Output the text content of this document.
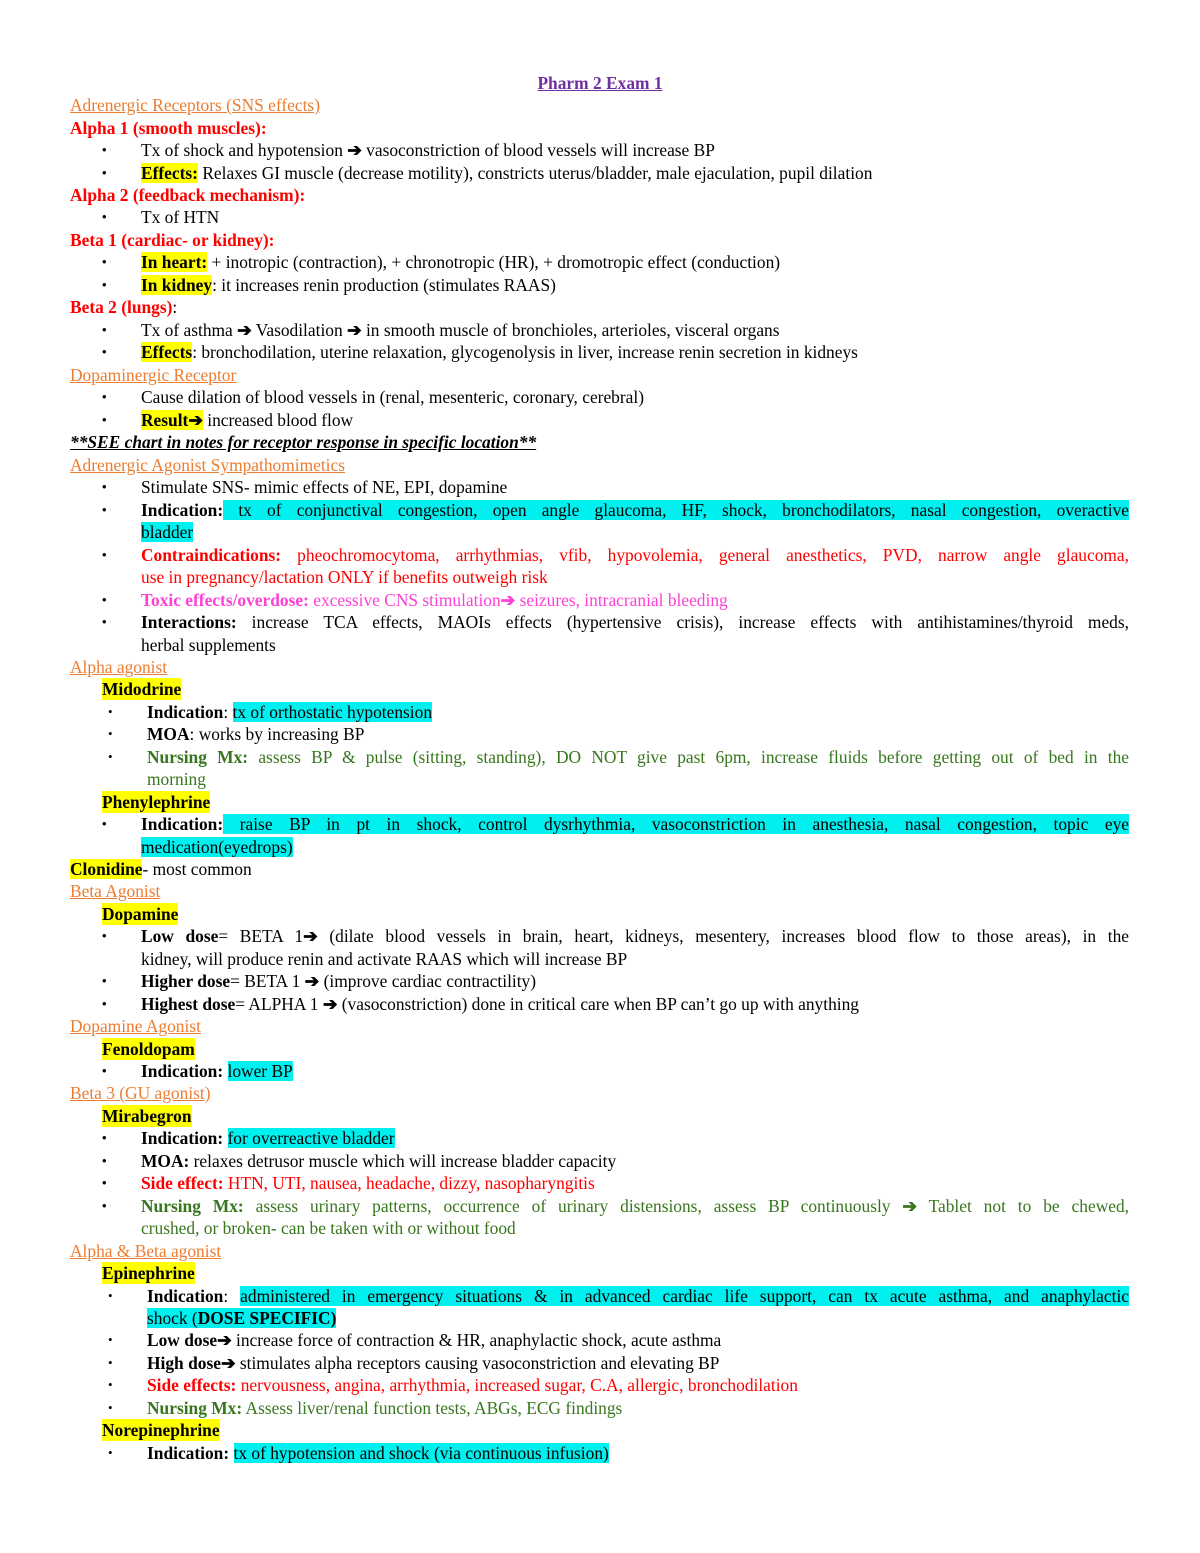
Pharm 2 Exam 1
Adrenergic Receptors (SNS effects)
Alpha 1 (smooth muscles):
•	Tx of shock and hypotension ➔ vasoconstriction of blood vessels will increase BP
•	Effects: Relaxes GI muscle (decrease motility), constricts uterus/bladder, male ejaculation, pupil dilation
Alpha 2 (feedback mechanism):
•	Tx of HTN
Beta 1 (cardiac- or kidney):
•	In heart: + inotropic (contraction), + chronotropic (HR), + dromotropic effect (conduction)
•	In kidney: it increases renin production (stimulates RAAS)
Beta 2 (lungs):
•	Tx of asthma ➔ Vasodilation ➔ in smooth muscle of bronchioles, arterioles, visceral organs
•	Effects: bronchodilation, uterine relaxation, glycogenolysis in liver, increase renin secretion in kidneys
Dopaminergic Receptor
•	Cause dilation of blood vessels in (renal, mesenteric, coronary, cerebral)
•	Result➔ increased blood flow
**SEE chart in notes for receptor response in specific location**
Adrenergic Agonist Sympathomimetics
•	Stimulate SNS- mimic effects of NE, EPI, dopamine
•	Indication: tx of conjunctival congestion, open angle glaucoma, HF, shock, bronchodilators, nasal congestion, overactive
bladder
•	Contraindications: pheochromocytoma, arrhythmias, vfib, hypovolemia, general anesthetics, PVD, narrow angle glaucoma,
use in pregnancy/lactation ONLY if benefits outweigh risk
•	Toxic effects/overdose: excessive CNS stimulation➔ seizures, intracranial bleeding
•	Interactions: increase TCA effects, MAOIs effects (hypertensive crisis), increase effects with antihistamines/thyroid meds,
herbal supplements
Alpha agonist
Midodrine
•	Indication: tx of orthostatic hypotension
•	MOA: works by increasing BP
•	Nursing Mx: assess BP & pulse (sitting, standing), DO NOT give past 6pm, increase fluids before getting out of bed in the
morning
Phenylephrine
•	Indication: raise BP in pt in shock, control dysrhythmia, vasoconstriction in anesthesia, nasal congestion, topic eye
medication(eyedrops)
Clonidine- most common
Beta Agonist
Dopamine
•	Low dose= BETA 1➔ (dilate blood vessels in brain, heart, kidneys, mesentery, increases blood flow to those areas), in the
kidney, will produce renin and activate RAAS which will increase BP
•	Higher dose= BETA 1 ➔ (improve cardiac contractility)
•	Highest dose= ALPHA 1 ➔ (vasoconstriction) done in critical care when BP can’t go up with anything
Dopamine Agonist
Fenoldopam
•	Indication: lower BP
Beta 3 (GU agonist)
Mirabegron
•	Indication: for overreactive bladder
•	MOA: relaxes detrusor muscle which will increase bladder capacity
•	Side effect: HTN, UTI, nausea, headache, dizzy, nasopharyngitis
•	Nursing Mx: assess urinary patterns, occurrence of urinary distensions, assess BP continuously ➔ Tablet not to be chewed,
crushed, or broken- can be taken with or without food
Alpha & Beta agonist
Epinephrine
•	Indication: administered in emergency situations & in advanced cardiac life support, can tx acute asthma, and anaphylactic
shock (DOSE SPECIFIC)
•	Low dose➔ increase force of contraction & HR, anaphylactic shock, acute asthma
•	High dose➔ stimulates alpha receptors causing vasoconstriction and elevating BP
•	Side effects: nervousness, angina, arrhythmia, increased sugar, C.A, allergic, bronchodilation
•	Nursing Mx: Assess liver/renal function tests, ABGs, ECG findings
Norepinephrine
•	Indication: tx of hypotension and shock (via continuous infusion)
